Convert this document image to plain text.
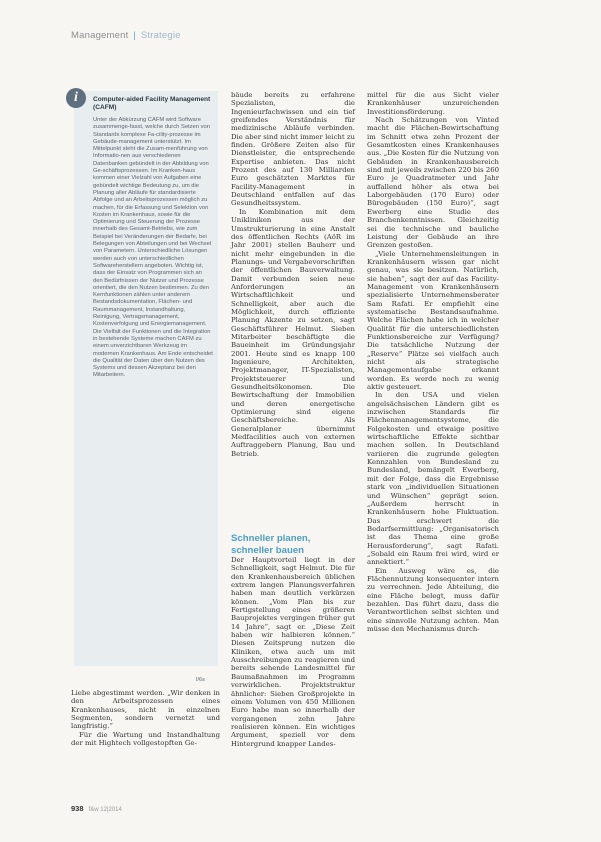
Management | Strategie
i	Computer-aided Facility Management (CAFM)
Unter der Abkürzung CAFM wird Software zusammenge-fasst, welche durch Setzen von Standards komplexe Fa-cility-prozesse im Gebäude-management unterstützt. Im Mittelpunkt steht die Zusam-menführung von Informatio-nen aus verschiedenen Datenbanken gebündelt in der Abbildung von Ge-schäftsprozessen. Im Kranken-haus kommen einer Vielzahl von Aufgaben eine gebündelt wichtige Bedeutung zu, um die Planung aller Abläufe für standardisierte Abfolge und an Arbeitsprozessen möglich zu machen, für die Erfassung und Selektion von Kosten im Krankenhaus, sowie für die Optimierung und Steuerung der Prozesse innerhalb des Gesamt-Betriebs, wie zum Beispiel bei Veränderungen der Bedarfe, bei Belegungen von Abteilungen und bei Wechsel von Parametern. Unterschiedliche Lösungen werden auch von unterschiedlichen Softwareherstellern angeboten. Wichtig ist, dass der Einsatz von Programmen sich an den Bedürfnissen der Nutzer und Prozesse orientiert, die den Nutzen bestimmen. Zu den Kernfunktionen zählen unter anderem Bestandsdokumentation, Flächen- und Raummanagement, Instandhaltung, Reinigung, Vertragsmanagement, Kostenverfolgung und Energiemanagement. Die Vielfalt der Funktionen und die Integration in bestehende Systeme machen CAFM zu einem unverzichtbaren Werkzeug im modernen Krankenhaus. Am Ende entscheidet die Qualität der Daten über den Nutzen des Systems und dessen Akzeptanz bei den Mitarbeitern.
I/6s

bäude bereits zu erfahrene Spezialisten, die Ingenieurfachwissen und ein tief greifendes Verständnis für medizinische Abläufe verbinden. Die aber sind nicht immer leicht zu finden. Größere Zeiten also für Dienstleister, die entsprechende Expertise anbieten. Das nicht Prozent des auf 130 Milliarden Euro geschätzten Marktes für Facility-Management in Deutschland entfallen auf das Gesundheitssystem.

In Kombination mit dem Unikliniken aus der Umstrukturierung in eine Anstalt des öffentlichen Rechts (AöR im Jahr 2001) stellen Bauherr und nicht mehr eingebunden in die Planungs- und Vergabevorschriften der öffentlichen Bauverwaltung. Damit verbunden seien neue Anforderungen an Wirtschaftlichkeit und Schnelligkeit, aber auch die Möglichkeit, durch effiziente Planung Akzente zu setzen, sagt Geschäftsführer Helmut. Sieben Mitarbeiter beschäftigte die Baueinheit im Gründungsjahr 2001. Heute sind es knapp 100 Ingenieure, Architekten, Projektmanager, IT-Spezialisten, Projektsteuerer und Gesundheitsökonomen. Die Bewirtschaftung der Immobilien und deren energetische Optimierung sind eigene Geschäftsbereiche. Als Generalplaner übernimmt Medfacilities auch von externen Auftraggebern Planung, Bau und Betrieb.

Schneller planen, schneller bauen

Der Hauptvorteil liegt in der Schnelligkeit, sagt Helmut. Die für den Krankenhausbereich üblichen extrem langen Planungsverfahren haben man deutlich verkürzen können. „Vom Plan bis zur Fertigstellung eines größeren Bauprojektes vergingen früher gut 14 Jahre“, sagt er. „Diese Zeit haben wir halbieren können.“ Diesen Zeitsprung nutzen die Kliniken, etwa auch um mit Ausschreibungen zu reagieren und bereits sehende Landesmittel für Baumaßnahmen im Programm verwirklichen. Projektstruktur ähnlicher: Sieben Großprojekte in einem Volumen von 450 Millionen Euro habe man so innerhalb der vergangenen zehn Jahre realisieren können. Ein wichtiges Argument, speziell vor dem Hintergrund knapper Landes-

mittel für die aus Sicht vieler Krankenhäuser unzureichenden Investitionsförderung.

Nach Schätzungen von Vinted macht die Flächen-Bewirtschaftung im Schnitt etwa zehn Prozent der Gesamtkosten eines Krankenhauses aus. „Die Kosten für die Nutzung von Gebäuden in Krankenhausbereich sind mit jeweils zwischen 220 bis 260 Euro je Quadratmeter und Jahr auffallend höher als etwa bei Laborgebäuden (170 Euro) oder Bürogebäuden (150 Euro)“, sagt Ewerberg eine Studie des Branchenkenntnissen. Gleichzeitig sei die technische und bauliche Leistung der Gebäude an ihre Grenzen gestoßen.

„Viele Unternehmensleitungen in Krankenhäusern wissen gar nicht genau, was sie besitzen. Natürlich, sie haben“, sagt der auf das Facility-Management von Krankenhäusern spezialisierte Unternehmensberater Sam Rafati. Er empfiehlt eine systematische Bestandsaufnahme. Welche Flächen habe ich in welcher Qualität für die unterschiedlichsten Funktionsbereiche zur Verfügung? Die tatsächliche Nutzung der „Reserve“ Plätze sei vielfach auch nicht als strategische Managementaufgabe erkannt worden. Es werde noch zu wenig aktiv gesteuert.

In den USA und vielen angelsächsischen Ländern gibt es inzwischen Standards für Flächenmanagementsysteme, die Folgekosten und etwaige positive wirtschaftliche Effekte sichtbar machen sollen. In Deutschland variieren die zugrunde gelegten Kennzahlen von Bundesland zu Bundesland, bemängelt Ewerberg, mit der Folge, dass die Ergebnisse stark von „individuellen Situationen und Wünschen“ geprägt seien. „Außerdem herrscht in Krankenhäusern hohe Fluktuation. Das erschwert die Bedarfsermittlung: „Organisatorisch ist das Thema eine große Herausforderung“, sagt Rafati. „Sobald ein Raum frei wird, wird er annektiert.“

Ein Ausweg wäre es, die Flächennutzung konsequenter intern zu verrechnen. Jede Abteilung, die eine Fläche belegt, muss dafür bezahlen. Das führt dazu, dass die Verantwortlichen selbst sichten und eine sinnvolle Nutzung achten. Man müsse den Mechanismus durch-

Liebe abgestimmt werden. „Wir denken in den Arbeitsprozessen eines Krankenhauses, nicht in einzelnen Segmenten, sondern vernetzt und langfristig.“

Für die Wartung und Instandhaltung der mit Hightech vollgestopften Ge-

938 f&w 12|2014
